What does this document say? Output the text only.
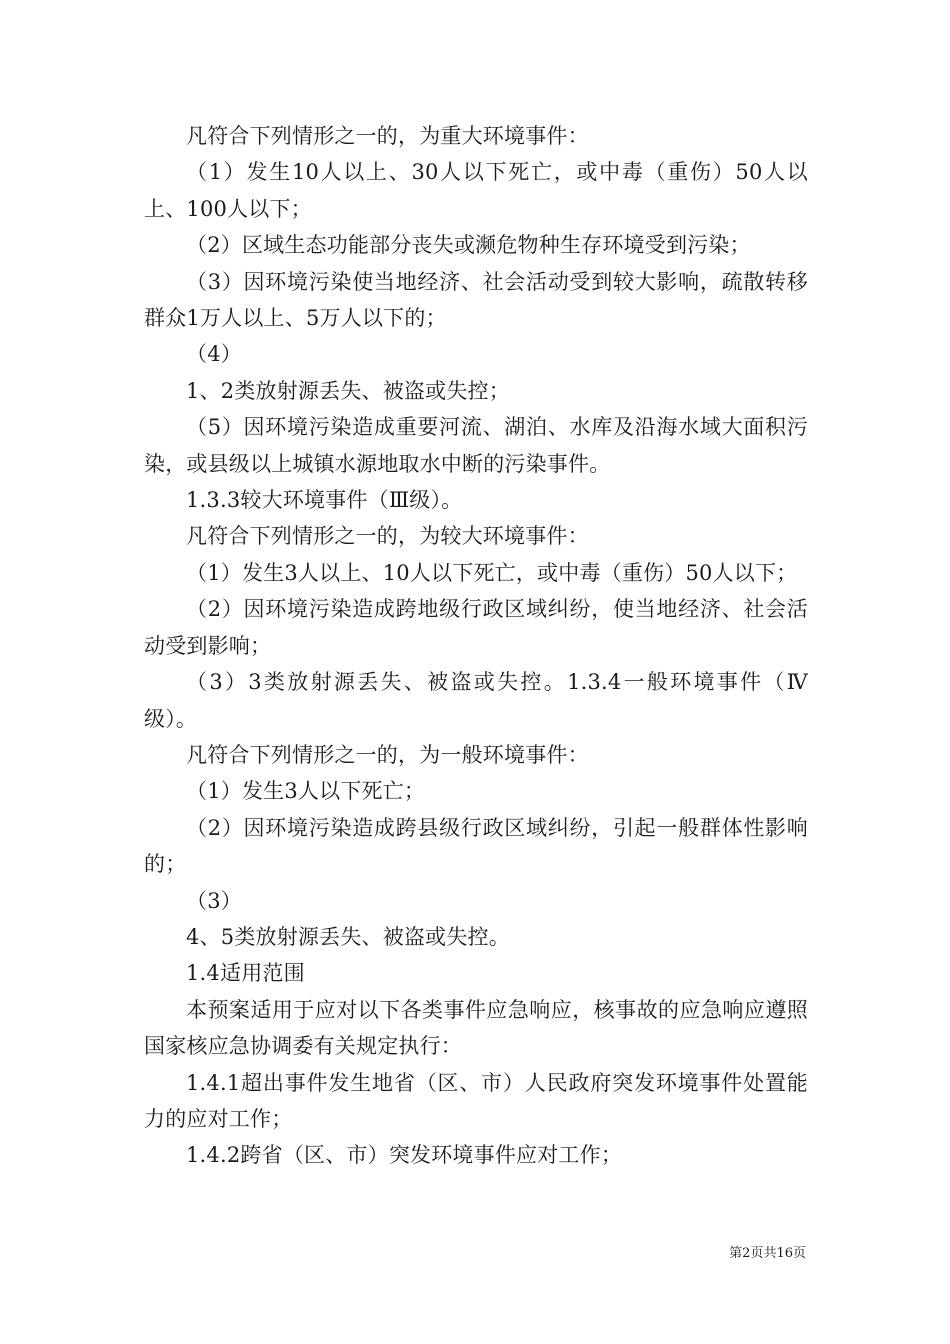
凡符合下列情形之一的，为重大环境事件：

（1）发生10人以上、30人以下死亡，或中毒（重伤）50人以上、100人以下；

（2）区域生态功能部分丧失或濒危物种生存环境受到污染；

（3）因环境污染使当地经济、社会活动受到较大影响，疏散转移群众1万人以上、5万人以下的；

（4）

1、2类放射源丢失、被盗或失控；

（5）因环境污染造成重要河流、湖泊、水库及沿海水域大面积污染，或县级以上城镇水源地取水中断的污染事件。

1.3.3较大环境事件（Ⅲ级）。

凡符合下列情形之一的，为较大环境事件：

（1）发生3人以上、10人以下死亡，或中毒（重伤）50人以下；

（2）因环境污染造成跨地级行政区域纠纷，使当地经济、社会活动受到影响；

（3）3类放射源丢失、被盗或失控。1.3.4一般环境事件（Ⅳ级）。

凡符合下列情形之一的，为一般环境事件：

（1）发生3人以下死亡；

（2）因环境污染造成跨县级行政区域纠纷，引起一般群体性影响的；

（3）

4、5类放射源丢失、被盗或失控。

1.4适用范围

本预案适用于应对以下各类事件应急响应，核事故的应急响应遵照国家核应急协调委有关规定执行：

1.4.1超出事件发生地省（区、市）人民政府突发环境事件处置能力的应对工作；

1.4.2跨省（区、市）突发环境事件应对工作；

第2页共16页
